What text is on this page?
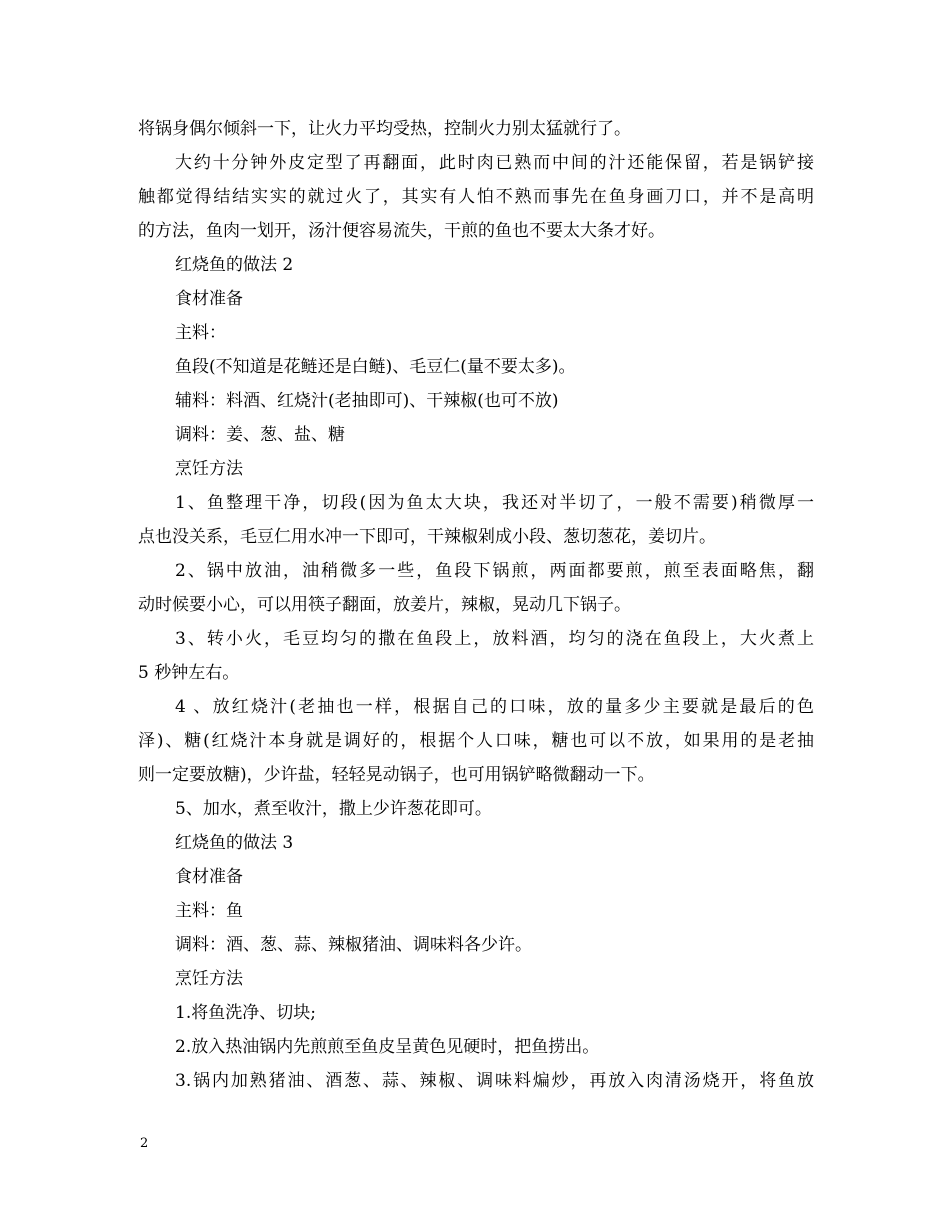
将锅身偶尔倾斜一下，让火力平均受热，控制火力别太猛就行了。
大约十分钟外皮定型了再翻面，此时肉已熟而中间的汁还能保留，若是锅铲接
触都觉得结结实实的就过火了，其实有人怕不熟而事先在鱼身画刀口，并不是高明
的方法，鱼肉一划开，汤汁便容易流失，干煎的鱼也不要太大条才好。
红烧鱼的做法 2
食材准备
主料：
鱼段(不知道是花鲢还是白鲢)、毛豆仁(量不要太多)。
辅料：料酒、红烧汁(老抽即可)、干辣椒(也可不放)
调料：姜、葱、盐、糖
烹饪方法
1、鱼整理干净，切段(因为鱼太大块，我还对半切了，一般不需要)稍微厚一
点也没关系，毛豆仁用水冲一下即可，干辣椒剁成小段、葱切葱花，姜切片。
2、锅中放油，油稍微多一些，鱼段下锅煎，两面都要煎，煎至表面略焦，翻
动时候要小心，可以用筷子翻面，放姜片，辣椒，晃动几下锅子。
3、转小火，毛豆均匀的撒在鱼段上，放料酒，均匀的浇在鱼段上，大火煮上
5 秒钟左右。
4 、放红烧汁(老抽也一样，根据自己的口味，放的量多少主要就是最后的色
泽)、糖(红烧汁本身就是调好的，根据个人口味，糖也可以不放，如果用的是老抽
则一定要放糖)，少许盐，轻轻晃动锅子，也可用锅铲略微翻动一下。
5、加水，煮至收汁，撒上少许葱花即可。
红烧鱼的做法 3
食材准备
主料：鱼
调料：酒、葱、蒜、辣椒猪油、调味料各少许。
烹饪方法
1.将鱼洗净、切块;
2.放入热油锅内先煎煎至鱼皮呈黄色见硬时，把鱼捞出。
3.锅内加熟猪油、酒葱、蒜、辣椒、调味料煸炒，再放入肉清汤烧开，将鱼放
2
